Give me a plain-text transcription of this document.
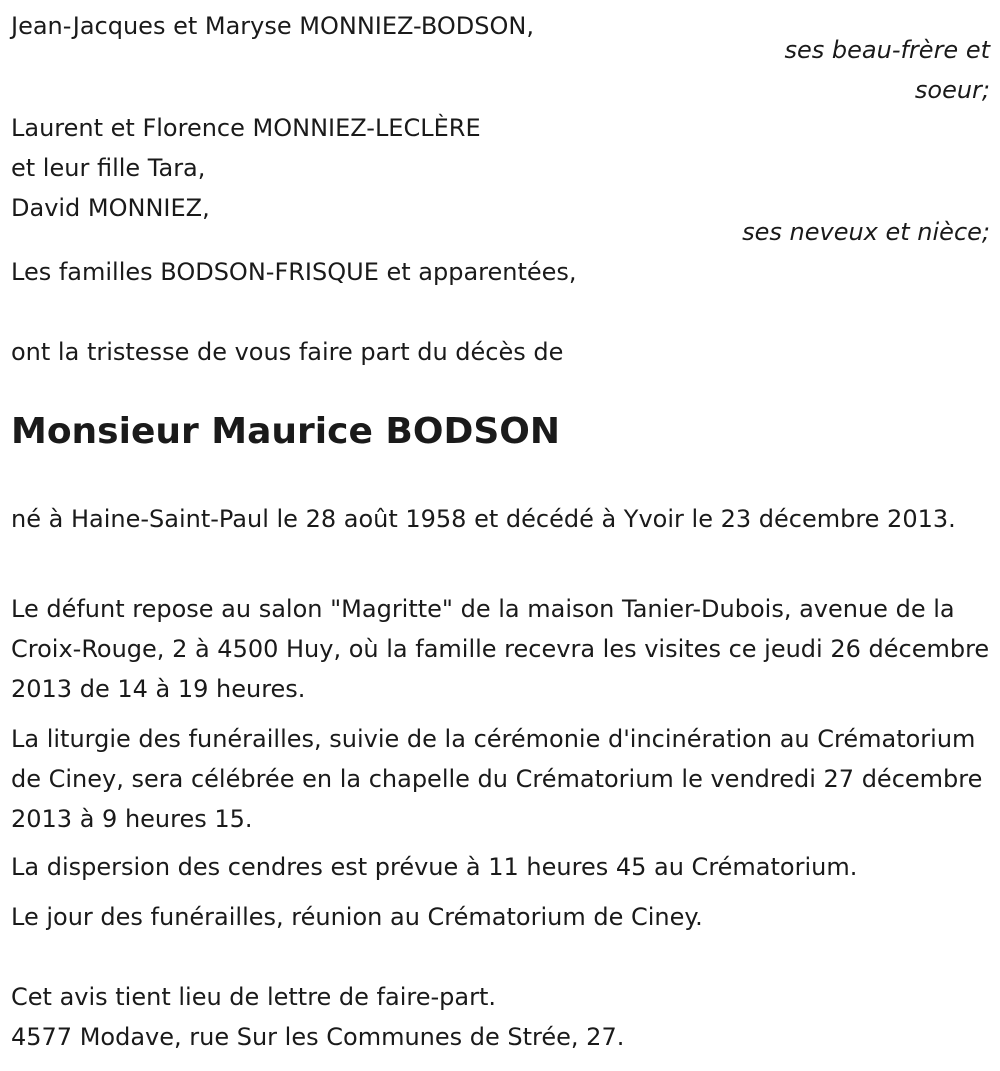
Jean-Jacques et Maryse MONNIEZ-BODSON,

ses beau-frère et
soeur;

Laurent et Florence MONNIEZ-LECLÈRE

et leur fille Tara,

David MONNIEZ,

ses neveux et nièce;

Les familles BODSON-FRISQUE et apparentées,

ont la tristesse de vous faire part du décès de

Monsieur Maurice BODSON

né à Haine-Saint-Paul le 28 août 1958 et décédé à Yvoir le 23 décembre 2013.

Le défunt repose au salon "Magritte" de la maison Tanier-Dubois, avenue de la Croix-Rouge, 2 à 4500 Huy, où la famille recevra les visites ce jeudi 26 décembre 2013 de 14 à 19 heures.

La liturgie des funérailles, suivie de la cérémonie d'incinération au Crématorium de Ciney, sera célébrée en la chapelle du Crématorium le vendredi 27 décembre 2013 à 9 heures 15.

La dispersion des cendres est prévue à 11 heures 45 au Crématorium.

Le jour des funérailles, réunion au Crématorium de Ciney.

Cet avis tient lieu de lettre de faire-part.

4577 Modave, rue Sur les Communes de Strée, 27.
